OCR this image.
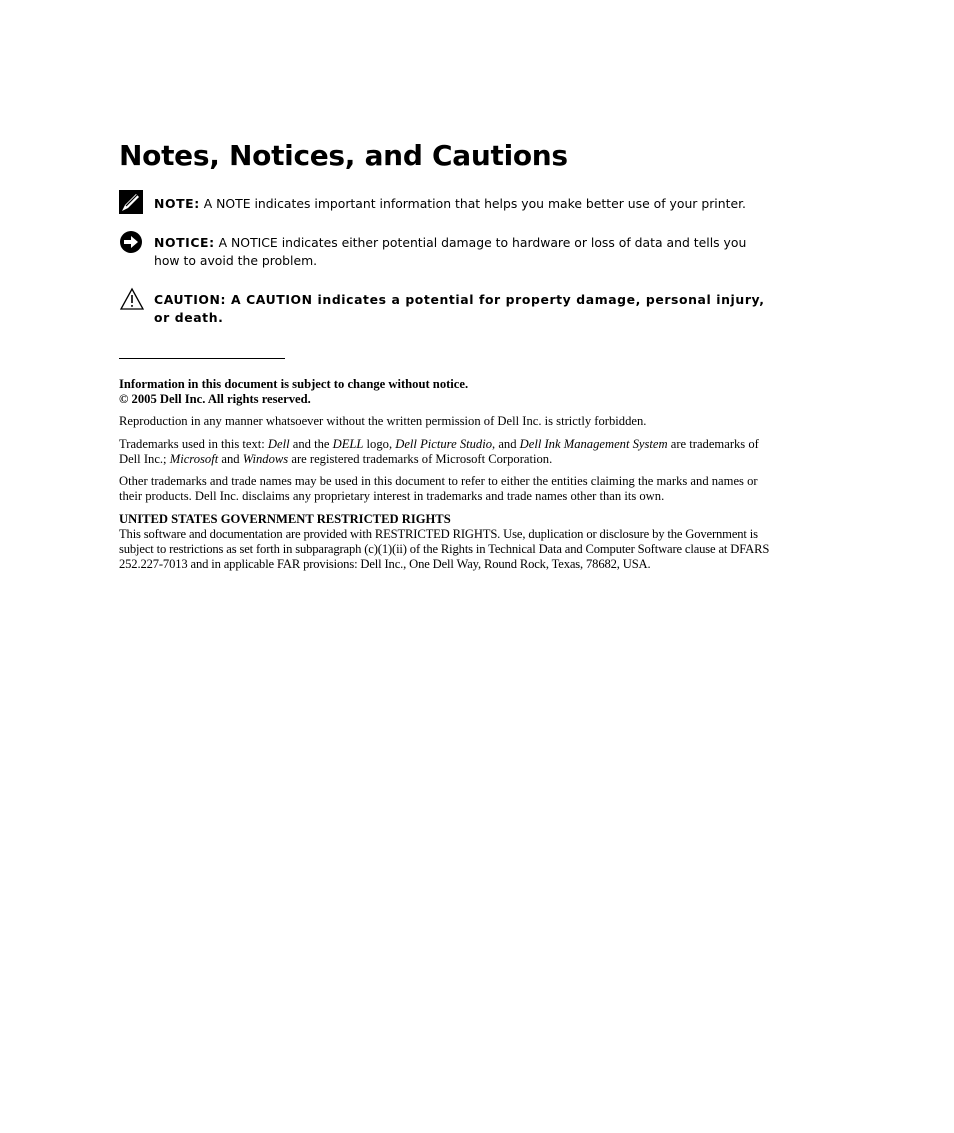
Notes, Notices, and Cautions
NOTE: A NOTE indicates important information that helps you make better use of your printer.
NOTICE: A NOTICE indicates either potential damage to hardware or loss of data and tells you how to avoid the problem.
CAUTION: A CAUTION indicates a potential for property damage, personal injury, or death.

Information in this document is subject to change without notice.

© 2005 Dell Inc. All rights reserved.

Reproduction in any manner whatsoever without the written permission of Dell Inc. is strictly forbidden.

Trademarks used in this text: Dell and the DELL logo, Dell Picture Studio, and Dell Ink Management System are trademarks of Dell Inc.; Microsoft and Windows are registered trademarks of Microsoft Corporation.

Other trademarks and trade names may be used in this document to refer to either the entities claiming the marks and names or their products. Dell Inc. disclaims any proprietary interest in trademarks and trade names other than its own.

UNITED STATES GOVERNMENT RESTRICTED RIGHTS

This software and documentation are provided with RESTRICTED RIGHTS. Use, duplication or disclosure by the Government is subject to restrictions as set forth in subparagraph (c)(1)(ii) of the Rights in Technical Data and Computer Software clause at DFARS 252.227-7013 and in applicable FAR provisions: Dell Inc., One Dell Way, Round Rock, Texas, 78682, USA.
